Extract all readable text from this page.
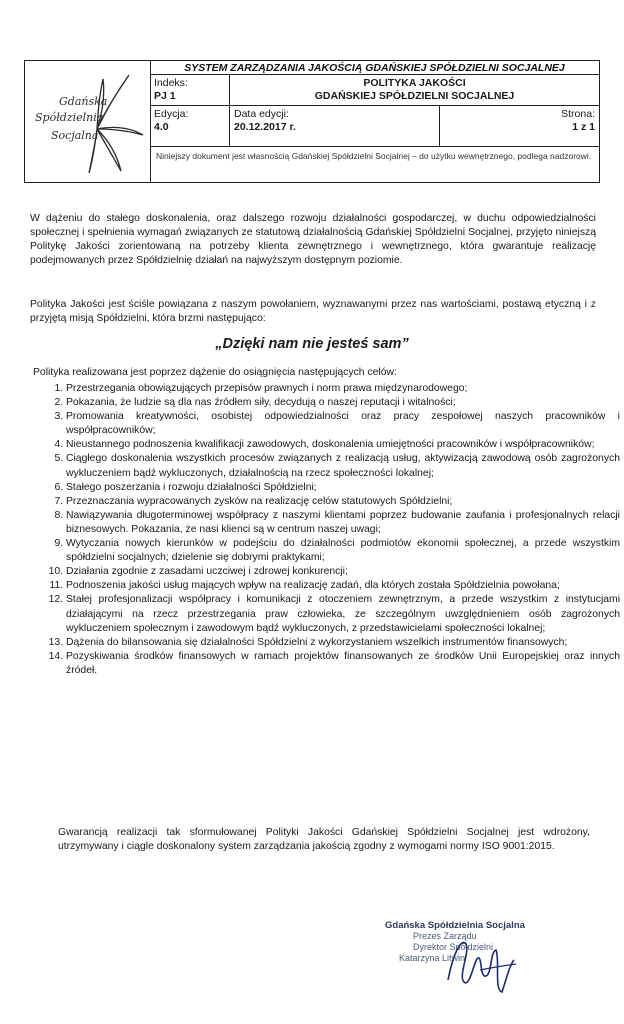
Gdańska
Spółdzielnia
Socjalna
SYSTEM ZARZĄDZANIA JAKOŚCIĄ GDAŃSKIEJ SPÓŁDZIELNI SOCJALNEJ
Indeks:
PJ 1
POLITYKA JAKOŚCI
GDAŃSKIEJ SPÓŁDZIELNI SOCJALNEJ
Edycja:
4.0
Data edycji:
20.12.2017 r.
Strona:
1 z 1
Niniejszy dokument jest własnością Gdańskiej Spółdzielni Socjalnej – do użytku wewnętrznego, podlega nadzorowi.
W dążeniu do stałego doskonalenia, oraz dalszego rozwoju działalności gospodarczej, w duchu odpowiedzialności społecznej i spełnienia wymagań związanych ze statutową działalnością Gdańskiej Spółdzielni Socjalnej, przyjęto niniejszą Politykę Jakości zorientowaną na potrzeby klienta zewnętrznego i wewnętrznego, która gwarantuje realizację podejmowanych przez Spółdzielnię działań na najwyższym dostępnym poziomie.
Polityka Jakości jest ściśle powiązana z naszym powołaniem, wyznawanymi przez nas wartościami, postawą etyczną i z przyjętą misją Spółdzielni, która brzmi następująco:
„Dzięki nam nie jesteś sam”
Polityka realizowana jest poprzez dążenie do osiągnięcia następujących celów:
1. Przestrzegania obowiązujących przepisów prawnych i norm prawa międzynarodowego;
2. Pokazania, że ludzie są dla nas źródłem siły, decydują o naszej reputacji i witalności;
3. Promowania kreatywności, osobistej odpowiedzialności oraz pracy zespołowej naszych pracowników i współpracowników;
4. Nieustannego podnoszenia kwalifikacji zawodowych, doskonalenia umiejętności pracowników i współpracowników;
5. Ciągłego doskonalenia wszystkich procesów związanych z realizacją usług, aktywizacją zawodową osób zagrożonych wykluczeniem bądź wykluczonych, działalnością na rzecz społeczności lokalnej;
6. Stałego poszerzania i rozwoju działalności Spółdzielni;
7. Przeznaczania wypracowanych zysków na realizację celów statutowych Spółdzielni;
8. Nawiązywania długoterminowej współpracy z naszymi klientami poprzez budowanie zaufania i profesjonalnych relacji biznesowych. Pokazania, że nasi klienci są w centrum naszej uwagi;
9. Wytyczania nowych kierunków w podejściu do działalności podmiotów ekonomii społecznej, a przede wszystkim spółdzielni socjalnych; dzielenie się dobrymi praktykami;
10. Działania zgodnie z zasadami uczciwej i zdrowej konkurencji;
11. Podnoszenia jakości usług mających wpływ na realizację zadań, dla których została Spółdzielnia powołana;
12. Stałej profesjonalizacji współpracy i komunikacji z otoczeniem zewnętrznym, a przede wszystkim z instytucjami działającymi na rzecz przestrzegania praw człowieka, ze szczególnym uwzględnieniem osób zagrożonych wykluczeniem społecznym i zawodowym bądź wykluczonych, z przedstawicielami społeczności lokalnej;
13. Dążenia do bilansowania się działalności Spółdzielni z wykorzystaniem wszelkich instrumentów finansowych;
14. Pozyskiwania środków finansowych w ramach projektów finansowanych ze środków Unii Europejskiej oraz innych źródeł.
Gwarancją realizacji tak sformułowanej Polityki Jakości Gdańskiej Spółdzielni Socjalnej jest wdrożony, utrzymywany i ciągle doskonalony system zarządzania jakością zgodny z wymogami normy ISO 9001:2015.
Gdańska Spółdzielnia Socjalna
Prezes Zarządu
Dyrektor Spółdzielni
Katarzyna Litwin
